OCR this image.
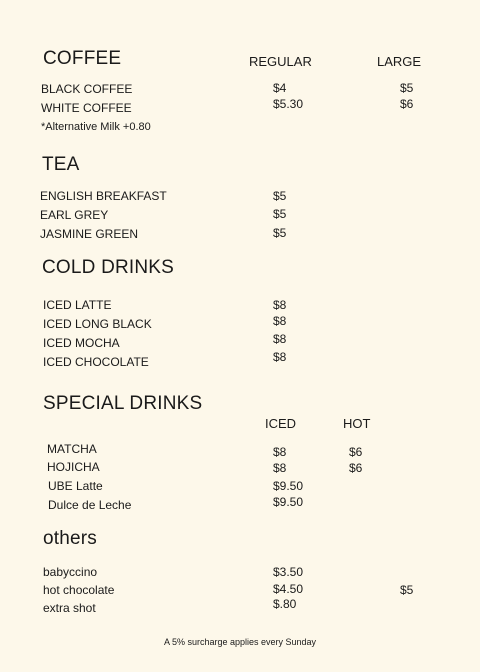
COFFEE	REGULAR	LARGE
BLACK COFFEE	$4	$5
WHITE COFFEE	$5.30	$6
*Alternative Milk +0.80
TEA
ENGLISH BREAKFAST	$5
EARL GREY	$5
JASMINE GREEN	$5
COLD DRINKS
ICED LATTE	$8
ICED LONG BLACK	$8
ICED MOCHA	$8
ICED CHOCOLATE	$8
SPECIAL DRINKS
ICED	HOT
MATCHA	$8	$6
HOJICHA	$8	$6
UBE Latte	$9.50
Dulce de Leche	$9.50
others
babyccino	$3.50
hot chocolate	$4.50	$5
extra shot	$.80
A 5% surcharge applies every Sunday
